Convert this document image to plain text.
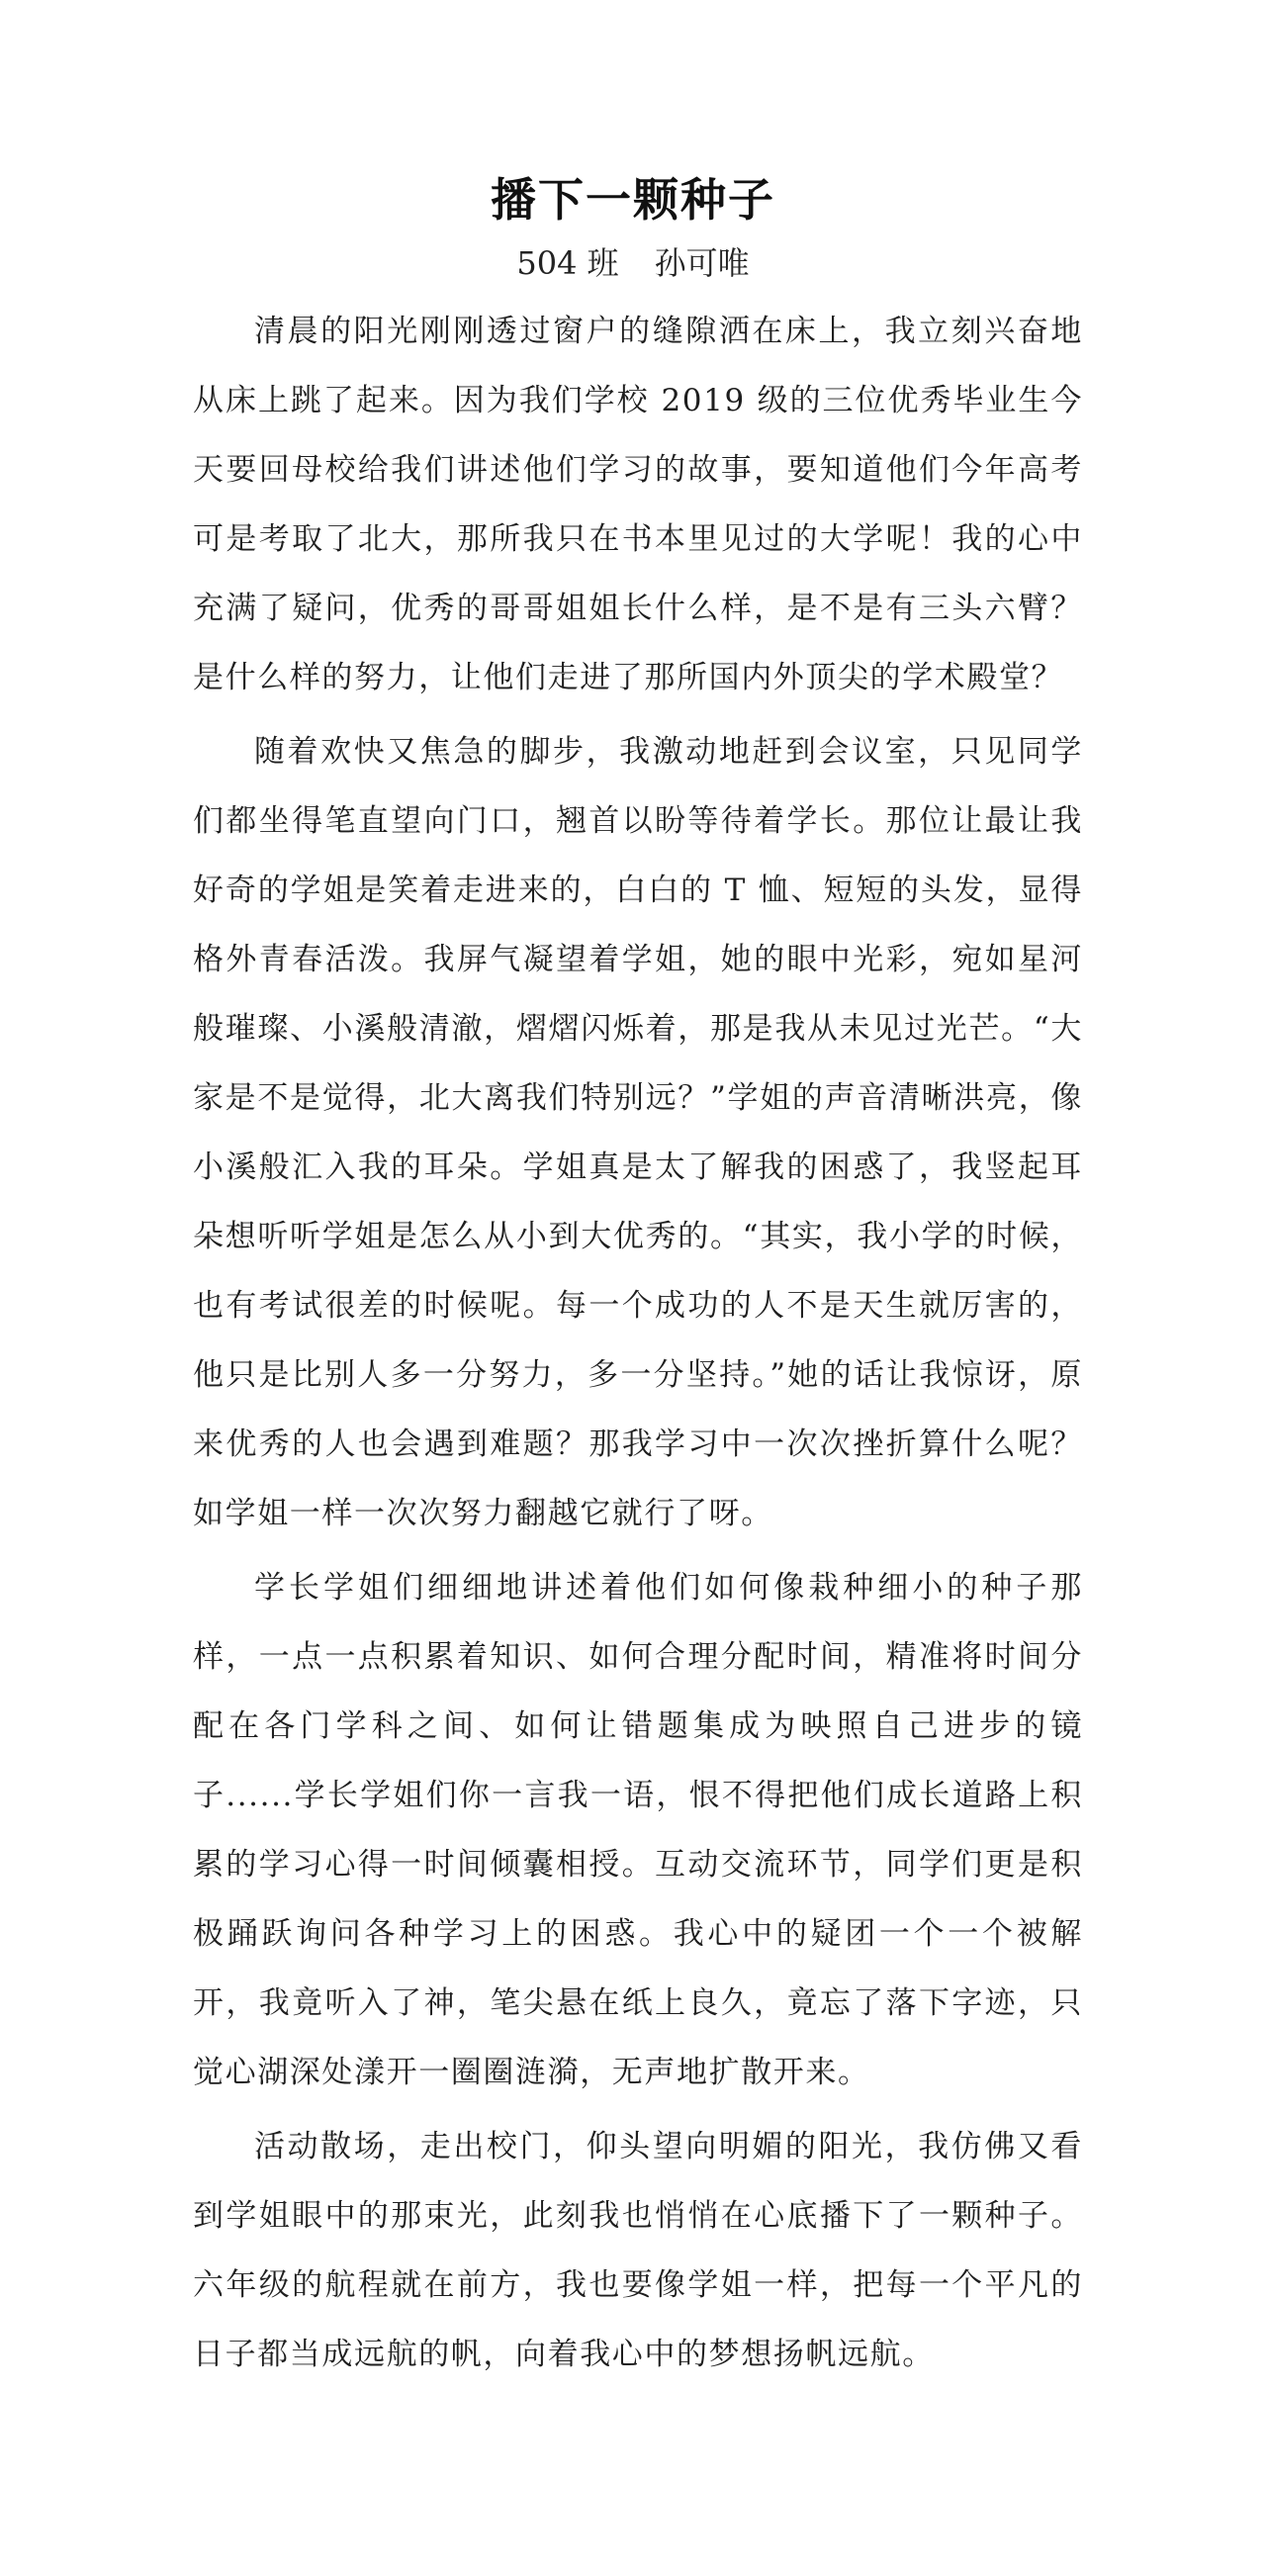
播下一颗种子
504 班 孙可唯

清晨的阳光刚刚透过窗户的缝隙洒在床上，我立刻兴奋地从床上跳了起来。因为我们学校 2019 级的三位优秀毕业生今天要回母校给我们讲述他们学习的故事，要知道他们今年高考可是考取了北大，那所我只在书本里见过的大学呢！我的心中充满了疑问，优秀的哥哥姐姐长什么样，是不是有三头六臂？是什么样的努力，让他们走进了那所国内外顶尖的学术殿堂？

随着欢快又焦急的脚步，我激动地赶到会议室，只见同学们都坐得笔直望向门口，翘首以盼等待着学长。那位让最让我好奇的学姐是笑着走进来的，白白的 T 恤、短短的头发，显得格外青春活泼。我屏气凝望着学姐，她的眼中光彩，宛如星河般璀璨、小溪般清澈，熠熠闪烁着，那是我从未见过光芒。“大家是不是觉得，北大离我们特别远？”学姐的声音清晰洪亮，像小溪般汇入我的耳朵。学姐真是太了解我的困惑了，我竖起耳朵想听听学姐是怎么从小到大优秀的。“其实，我小学的时候，也有考试很差的时候呢。每一个成功的人不是天生就厉害的，他只是比别人多一分努力，多一分坚持。”她的话让我惊讶，原来优秀的人也会遇到难题？那我学习中一次次挫折算什么呢？如学姐一样一次次努力翻越它就行了呀。

学长学姐们细细地讲述着他们如何像栽种细小的种子那样，一点一点积累着知识、如何合理分配时间，精准将时间分配在各门学科之间、如何让错题集成为映照自己进步的镜子......学长学姐们你一言我一语，恨不得把他们成长道路上积累的学习心得一时间倾囊相授。互动交流环节，同学们更是积极踊跃询问各种学习上的困惑。我心中的疑团一个一个被解开，我竟听入了神，笔尖悬在纸上良久，竟忘了落下字迹，只觉心湖深处漾开一圈圈涟漪，无声地扩散开来。

活动散场，走出校门，仰头望向明媚的阳光，我仿佛又看到学姐眼中的那束光，此刻我也悄悄在心底播下了一颗种子。六年级的航程就在前方，我也要像学姐一样，把每一个平凡的日子都当成远航的帆，向着我心中的梦想扬帆远航。
